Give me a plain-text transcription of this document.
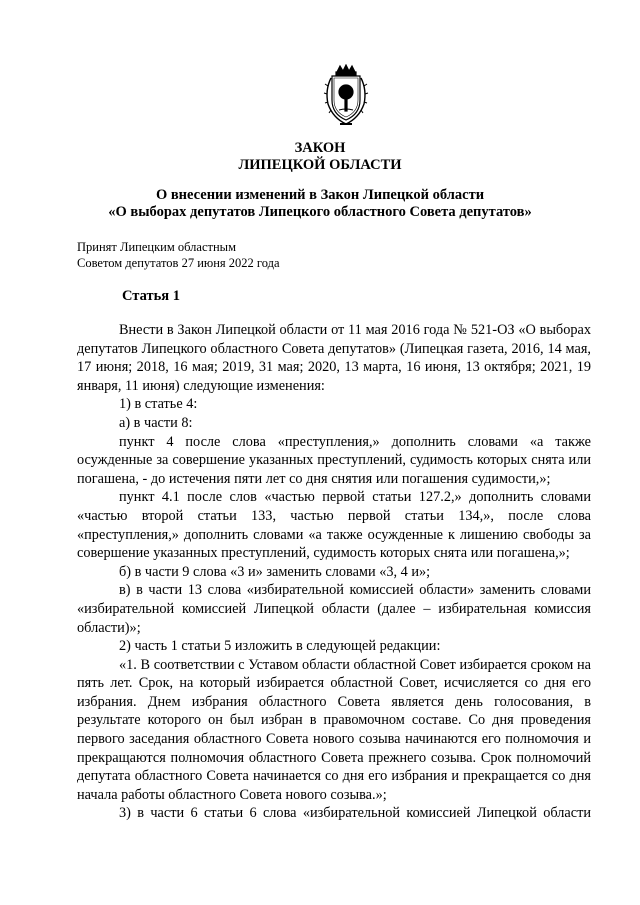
ЗАКОН
ЛИПЕЦКОЙ ОБЛАСТИ
О внесении изменений в Закон Липецкой области
«О выборах депутатов Липецкого областного Совета депутатов»
Принят Липецким областным
Советом депутатов 27 июня 2022 года
Статья 1

Внести в Закон Липецкой области от 11 мая 2016 года № 521-ОЗ «О выборах депутатов Липецкого областного Совета депутатов» (Липецкая газета, 2016, 14 мая, 17 июня; 2018, 16 мая; 2019, 31 мая; 2020, 13 марта, 16 июня, 13 октября; 2021, 19 января, 11 июня) следующие изменения:

1) в статье 4:

а) в части 8:

пункт 4 после слова «преступления,» дополнить словами «а также осужденные за совершение указанных преступлений, судимость которых снята или погашена, - до истечения пяти лет со дня снятия или погашения судимости,»;

пункт 4.1 после слов «частью первой статьи 127.2,» дополнить словами «частью второй статьи 133, частью первой статьи 134,», после слова «преступления,» дополнить словами «а также осужденные к лишению свободы за совершение указанных преступлений, судимость которых снята или погашена,»;

б) в части 9 слова «3 и» заменить словами «3, 4 и»;

в) в части 13 слова «избирательной комиссией области» заменить словами «избирательной комиссией Липецкой области (далее – избирательная комиссия области)»;

2) часть 1 статьи 5 изложить в следующей редакции:

«1. В соответствии с Уставом области областной Совет избирается сроком на пять лет. Срок, на который избирается областной Совет, исчисляется со дня его избрания. Днем избрания областного Совета является день голосования, в результате которого он был избран в правомочном составе. Со дня проведения первого заседания областного Совета нового созыва начинаются его полномочия и прекращаются полномочия областного Совета прежнего созыва. Срок полномочий депутата областного Совета начинается со дня его избрания и прекращается со дня начала работы областного Совета нового созыва.»;

3) в части 6 статьи 6 слова «избирательной комиссией Липецкой области
